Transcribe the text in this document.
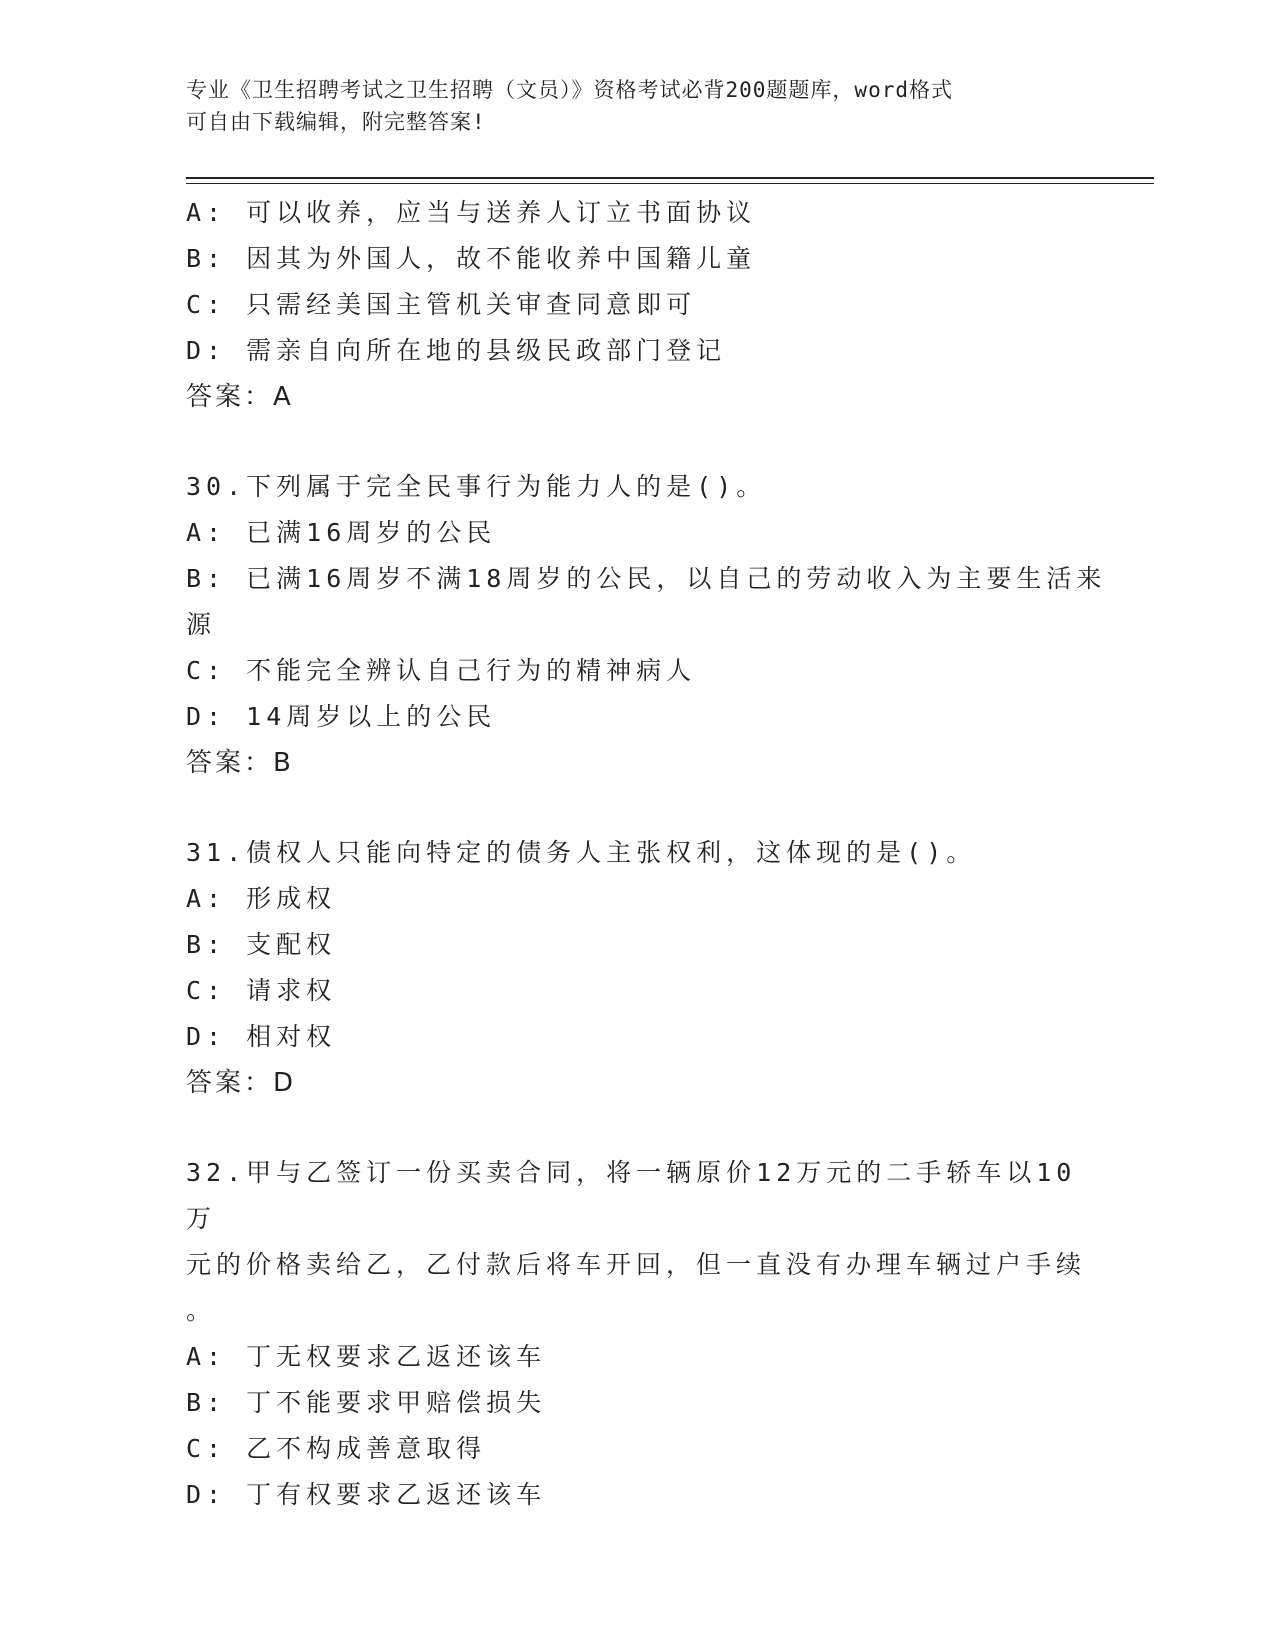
专业《卫生招聘考试之卫生招聘（文员）》资格考试必背200题题库，word格式
可自由下载编辑，附完整答案!
A: 可以收养，应当与送养人订立书面协议
B: 因其为外国人，故不能收养中国籍儿童
C: 只需经美国主管机关审查同意即可
D: 需亲自向所在地的县级民政部门登记
答案：A
30.下列属于完全民事行为能力人的是()。
A: 已满16周岁的公民
B: 已满16周岁不满18周岁的公民，以自己的劳动收入为主要生活来
源
C: 不能完全辨认自己行为的精神病人
D: 14周岁以上的公民
答案：B
31.债权人只能向特定的债务人主张权利，这体现的是()。
A: 形成权
B: 支配权
C: 请求权
D: 相对权
答案：D
32.甲与乙签订一份买卖合同，将一辆原价12万元的二手轿车以10万
元的价格卖给乙，乙付款后将车开回，但一直没有办理车辆过户手续
。
A: 丁无权要求乙返还该车
B: 丁不能要求甲赔偿损失
C: 乙不构成善意取得
D: 丁有权要求乙返还该车
